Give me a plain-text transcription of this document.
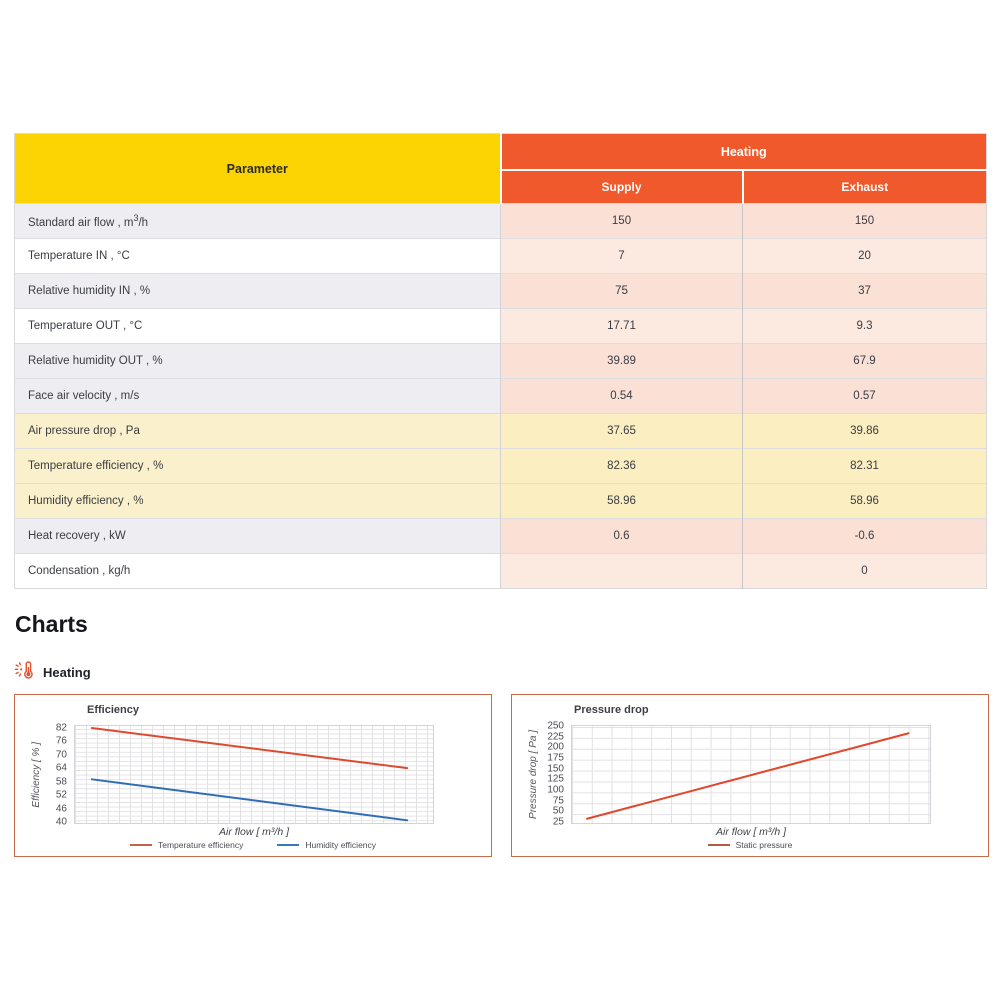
Parameter	Heating	
	Supply	Exhaust
Standard air flow , $m^3/h$	150	150
Temperature IN , °C	7	20
Relative humidity IN , %	75	37
Temperature OUT , °C	17.71	9.3
Relative humidity OUT , %	39.89	67.9
Face air velocity , m/s	0.54	0.57
Air pressure drop , Pa	37.65	39.86
Temperature efficiency , %	82.36	82.31
Humidity efficiency , %	58.96	58.96
Heat recovery , kW	0.6	-0.6
Condensation , kg/h		0
Charts
Heating
Efficiency
Efficiency [ % ]
82
76
70
64
58
52
46
40
Air flow [ m³/h ]
Temperature efficiency	Humidity efficiency
Pressure drop
Pressure drop [ Pa ]
250
225
200
175
150
125
100
75
50
25
Air flow [ m³/h ]
Static pressure
